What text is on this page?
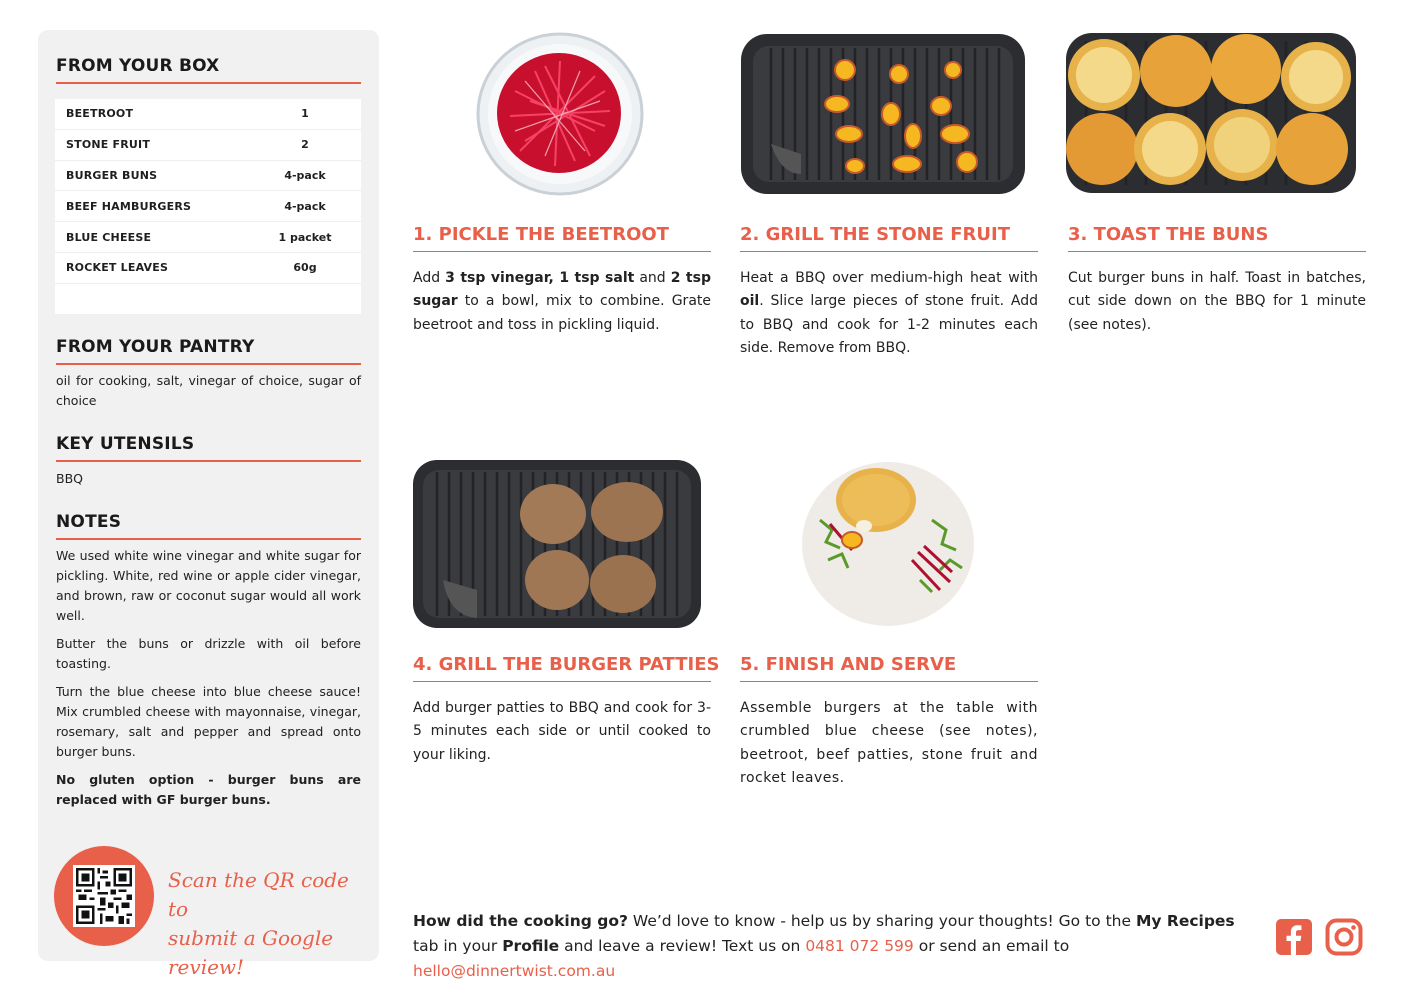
FROM YOUR BOX
BEETROOT	1
STONE FRUIT	2
BURGER BUNS	4-pack
BEEF HAMBURGERS	4-pack
BLUE CHEESE	1 packet
ROCKET LEAVES	60g
FROM YOUR PANTRY
oil for cooking, salt, vinegar of choice, sugar of choice
KEY UTENSILS
BBQ
NOTES

We used white wine vinegar and white sugar for pickling. White, red wine or apple cider vinegar, and brown, raw or coconut sugar would all work well.

Butter the buns or drizzle with oil before toasting.

Turn the blue cheese into blue cheese sauce! Mix crumbled cheese with mayonnaise, vinegar, rosemary, salt and pepper and spread onto burger buns.

No gluten option - burger buns are replaced with GF burger buns.

Scan the QR code to
submit a Google review!
1. PICKLE THE BEETROOT
Add 3 tsp vinegar, 1 tsp salt and 2 tsp sugar to a bowl, mix to combine. Grate beetroot and toss in pickling liquid.
2. GRILL THE STONE FRUIT
Heat a BBQ over medium-high heat with oil. Slice large pieces of stone fruit. Add to BBQ and cook for 1-2 minutes each side. Remove from BBQ.
3. TOAST THE BUNS
Cut burger buns in half. Toast in batches, cut side down on the BBQ for 1 minute (see notes).
4. GRILL THE BURGER PATTIES
Add burger patties to BBQ and cook for 3-5 minutes each side or until cooked to your liking.
5. FINISH AND SERVE
Assemble burgers at the table with crumbled blue cheese (see notes), beetroot, beef patties, stone fruit and rocket leaves.
How did the cooking go? We’d love to know - help us by sharing your thoughts! Go to the My Recipes tab in your Profile and leave a review! Text us on 0481 072 599 or send an email to hello@dinnertwist.com.au
